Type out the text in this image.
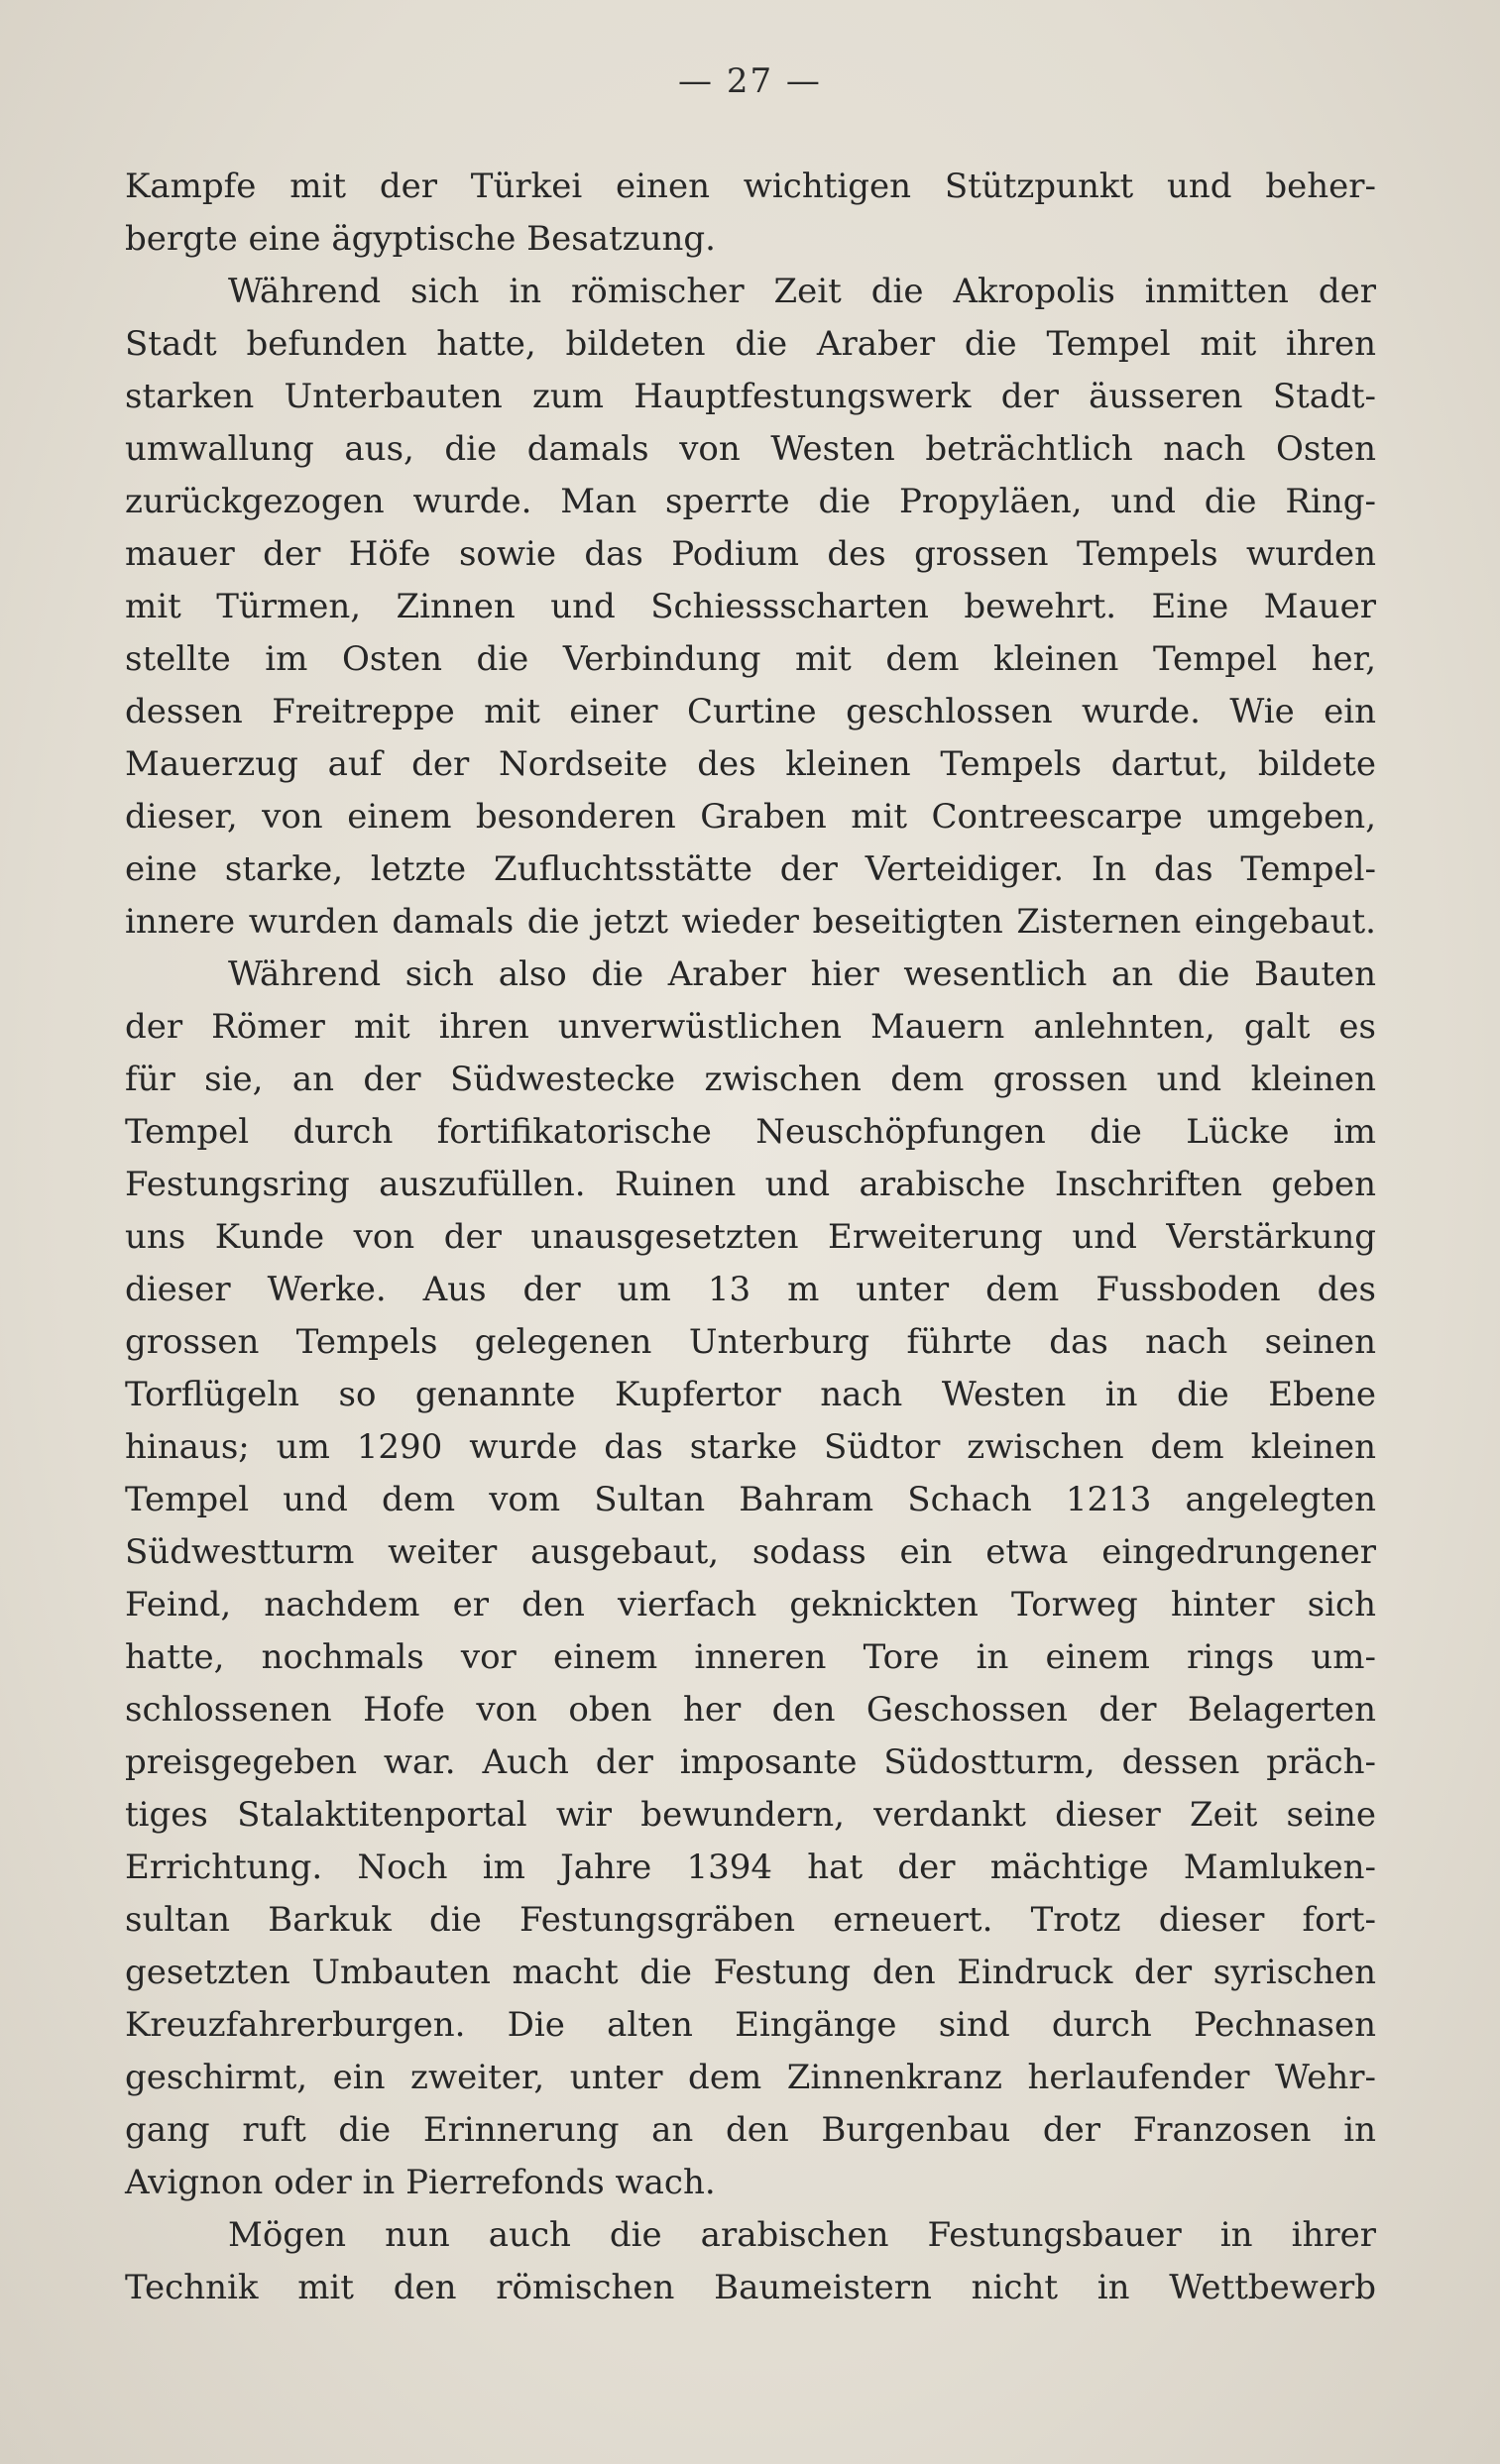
— 27 —
Kampfe mit der Türkei einen wichtigen Stützpunkt und beher-
bergte eine ägyptische Besatzung.
Während sich in römischer Zeit die Akropolis inmitten der
Stadt befunden hatte, bildeten die Araber die Tempel mit ihren
starken Unterbauten zum Hauptfestungswerk der äusseren Stadt-
umwallung aus, die damals von Westen beträchtlich nach Osten
zurückgezogen wurde. Man sperrte die Propyläen, und die Ring-
mauer der Höfe sowie das Podium des grossen Tempels wurden
mit Türmen, Zinnen und Schiessscharten bewehrt. Eine Mauer
stellte im Osten die Verbindung mit dem kleinen Tempel her,
dessen Freitreppe mit einer Curtine geschlossen wurde. Wie ein
Mauerzug auf der Nordseite des kleinen Tempels dartut, bildete
dieser, von einem besonderen Graben mit Contreescarpe umgeben,
eine starke, letzte Zufluchtsstätte der Verteidiger. In das Tempel-
innere wurden damals die jetzt wieder beseitigten Zisternen eingebaut.
Während sich also die Araber hier wesentlich an die Bauten
der Römer mit ihren unverwüstlichen Mauern anlehnten, galt es
für sie, an der Südwestecke zwischen dem grossen und kleinen
Tempel durch fortifikatorische Neuschöpfungen die Lücke im
Festungsring auszufüllen. Ruinen und arabische Inschriften geben
uns Kunde von der unausgesetzten Erweiterung und Verstärkung
dieser Werke. Aus der um 13 m unter dem Fussboden des
grossen Tempels gelegenen Unterburg führte das nach seinen
Torflügeln so genannte Kupfertor nach Westen in die Ebene
hinaus; um 1290 wurde das starke Südtor zwischen dem kleinen
Tempel und dem vom Sultan Bahram Schach 1213 angelegten
Südwestturm weiter ausgebaut, sodass ein etwa eingedrungener
Feind, nachdem er den vierfach geknickten Torweg hinter sich
hatte, nochmals vor einem inneren Tore in einem rings um-
schlossenen Hofe von oben her den Geschossen der Belagerten
preisgegeben war. Auch der imposante Südostturm, dessen präch-
tiges Stalaktitenportal wir bewundern, verdankt dieser Zeit seine
Errichtung. Noch im Jahre 1394 hat der mächtige Mamluken-
sultan Barkuk die Festungsgräben erneuert. Trotz dieser fort-
gesetzten Umbauten macht die Festung den Eindruck der syrischen
Kreuzfahrerburgen. Die alten Eingänge sind durch Pechnasen
geschirmt, ein zweiter, unter dem Zinnenkranz herlaufender Wehr-
gang ruft die Erinnerung an den Burgenbau der Franzosen in
Avignon oder in Pierrefonds wach.
Mögen nun auch die arabischen Festungsbauer in ihrer
Technik mit den römischen Baumeistern nicht in Wettbewerb
